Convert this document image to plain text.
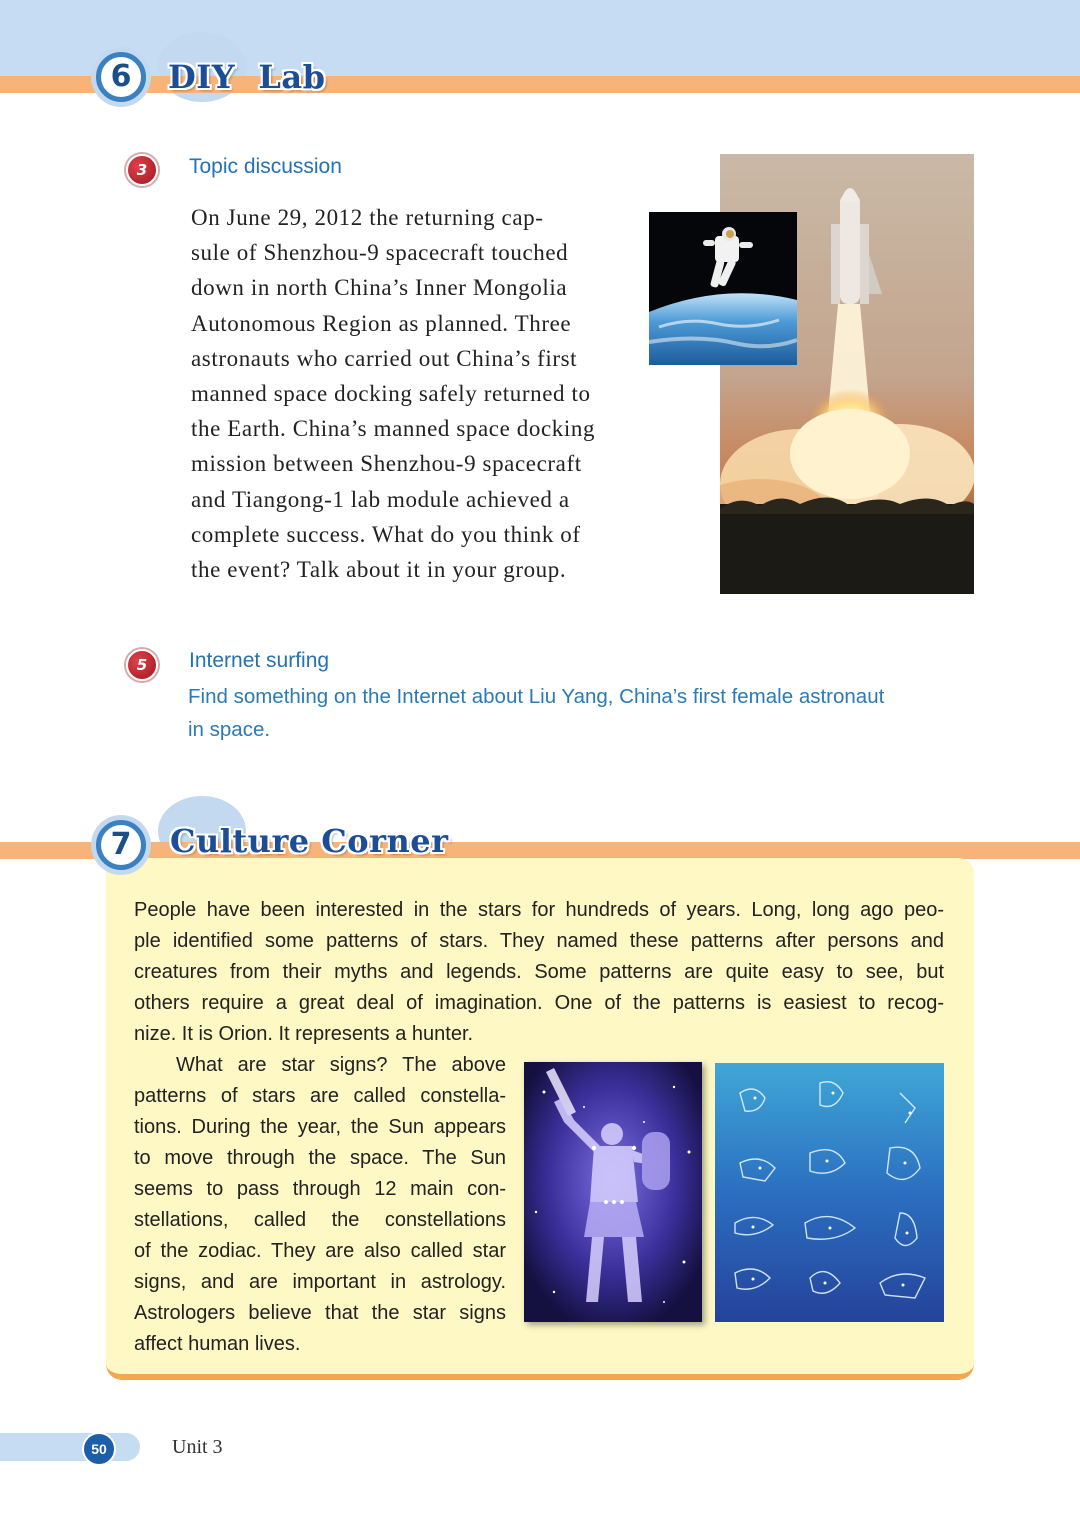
6	DIY  Lab
3	Topic discussion
On June 29, 2012 the returning cap-
sule of Shenzhou-9 spacecraft touched
down in north China’s Inner Mongolia
Autonomous Region as planned. Three
astronauts who carried out China’s first
manned space docking safely returned to
the Earth. China’s manned space docking
mission between Shenzhou-9 spacecraft
and Tiangong-1 lab module achieved a
complete success. What do you think of
the event? Talk about it in your group.
5	Internet surfing
Find something on the Internet about Liu Yang, China’s first female astronaut
in space.
7	Culture Corner
People have been interested in the stars for hundreds of years. Long, long ago peo-
ple identified some patterns of stars. They named these patterns after persons and
creatures from their myths and legends. Some patterns are quite easy to see, but
others require a great deal of imagination. One of the patterns is easiest to recog-
nize. It is Orion. It represents a hunter.
What are star signs? The above
patterns of stars are called constella-
tions. During the year, the Sun appears
to move through the space. The Sun
seems to pass through 12 main con-
stellations, called the constellations
of the zodiac. They are also called star
signs, and are important in astrology.
Astrologers believe that the star signs
affect human lives.
50	Unit 3
